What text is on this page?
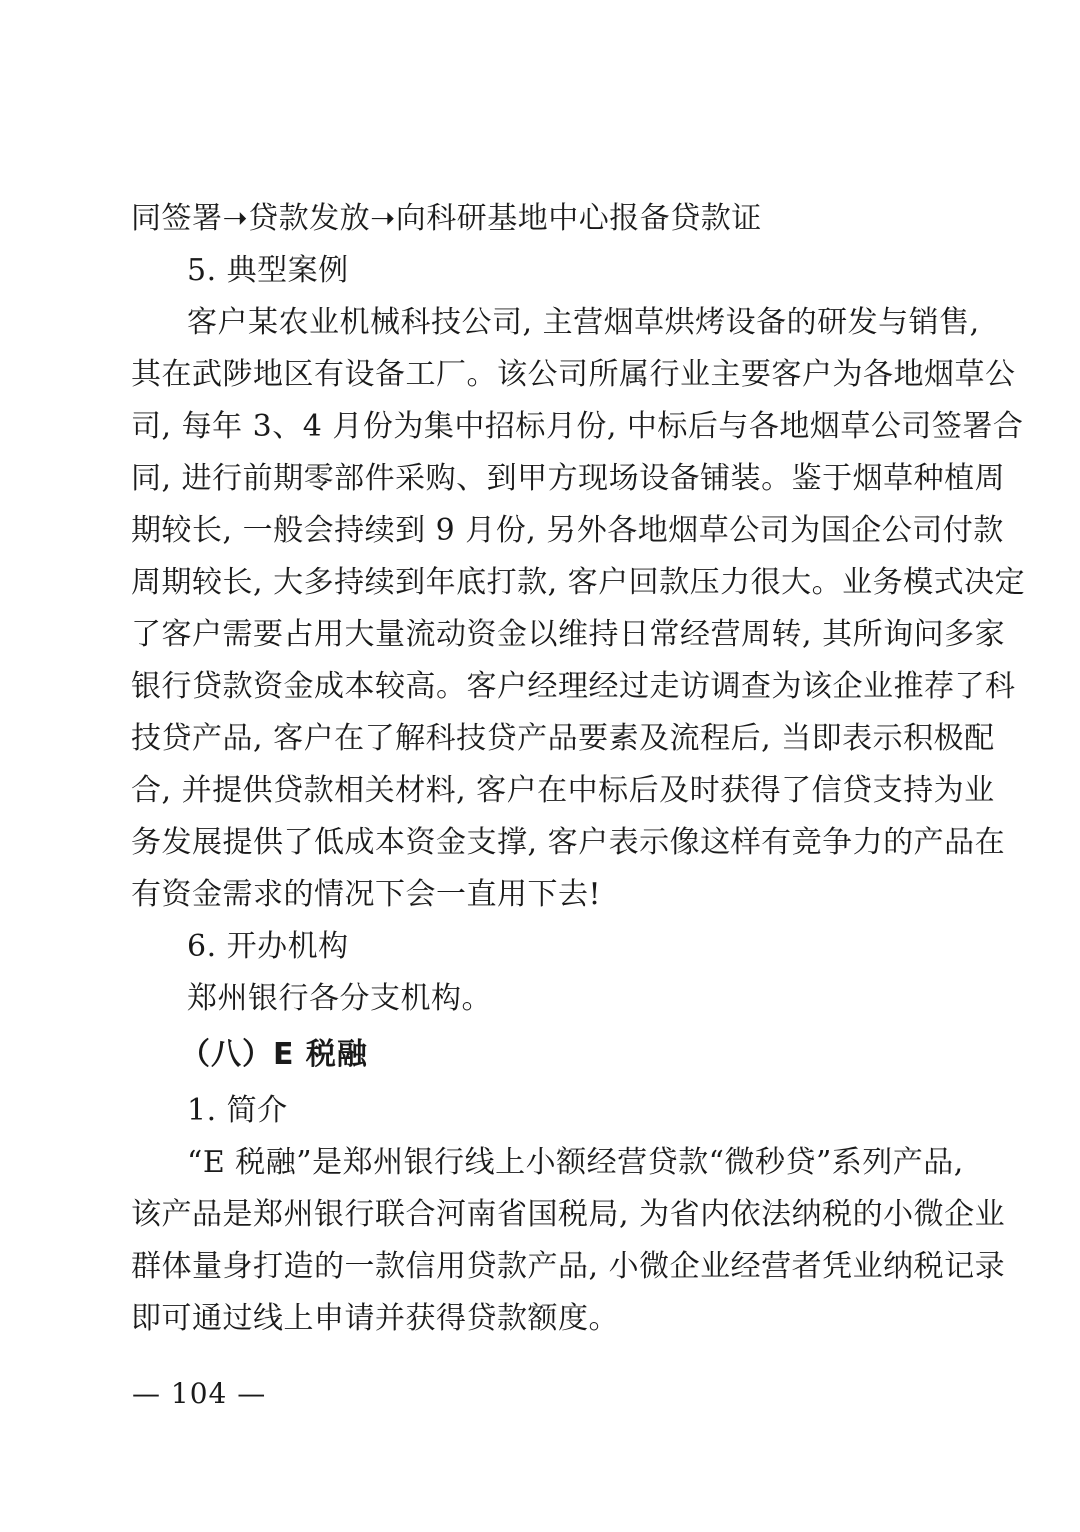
同签署➝贷款发放➝向科研基地中心报备贷款证
5. 典型案例
客户某农业机械科技公司, 主营烟草烘烤设备的研发与销售,
其在武陟地区有设备工厂。该公司所属行业主要客户为各地烟草公
司, 每年 3、4 月份为集中招标月份, 中标后与各地烟草公司签署合
同, 进行前期零部件采购、到甲方现场设备铺装。鉴于烟草种植周
期较长, 一般会持续到 9 月份, 另外各地烟草公司为国企公司付款
周期较长, 大多持续到年底打款, 客户回款压力很大。业务模式决定
了客户需要占用大量流动资金以维持日常经营周转, 其所询问多家
银行贷款资金成本较高。客户经理经过走访调查为该企业推荐了科
技贷产品, 客户在了解科技贷产品要素及流程后, 当即表示积极配
合, 并提供贷款相关材料, 客户在中标后及时获得了信贷支持为业
务发展提供了低成本资金支撑, 客户表示像这样有竞争力的产品在
有资金需求的情况下会一直用下去!
6. 开办机构
郑州银行各分支机构。
（八）E 税融
1. 简介
“E 税融”是郑州银行线上小额经营贷款“微秒贷”系列产品,
该产品是郑州银行联合河南省国税局, 为省内依法纳税的小微企业
群体量身打造的一款信用贷款产品, 小微企业经营者凭业纳税记录
即可通过线上申请并获得贷款额度。
— 104 —
